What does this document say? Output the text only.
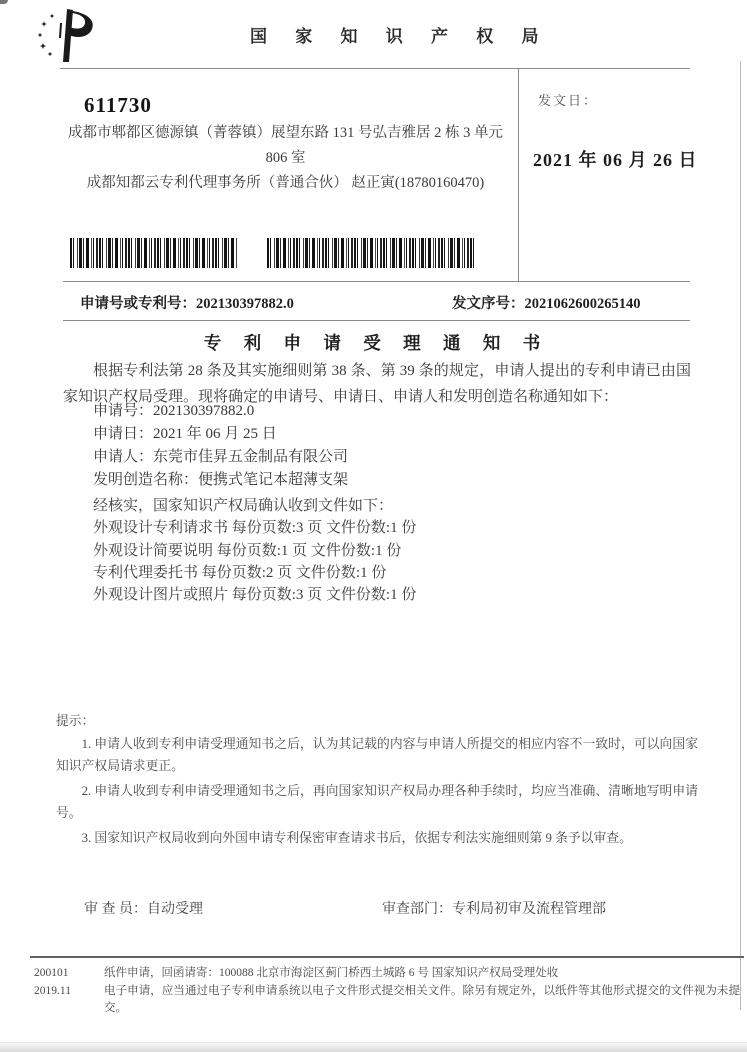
国 家 知 识 产 权 局
发文日：
2021 年 06 月 26 日
611730
成都市郫都区德源镇（菁蓉镇）展望东路 131 号弘吉雅居 2 栋 3 单元
806 室
成都知都云专利代理事务所（普通合伙） 赵正寅(18780160470)
申请号或专利号：202130397882.0	发文序号：2021062600265140
专 利 申 请 受 理 通 知 书
根据专利法第 28 条及其实施细则第 38 条、第 39 条的规定，申请人提出的专利申请已由国家知识产权局受理。现将确定的申请号、申请日、申请人和发明创造名称通知如下：
申请号：202130397882.0
申请日：2021 年 06 月 25 日
申请人：东莞市佳昇五金制品有限公司
发明创造名称：便携式笔记本超薄支架
经核实，国家知识产权局确认收到文件如下：
外观设计专利请求书 每份页数:3 页 文件份数:1 份
外观设计简要说明 每份页数:1 页 文件份数:1 份
专利代理委托书 每份页数:2 页 文件份数:1 份
外观设计图片或照片 每份页数:3 页 文件份数:1 份
提示：

1. 申请人收到专利申请受理通知书之后，认为其记载的内容与申请人所提交的相应内容不一致时，可以向国家知识产权局请求更正。

2. 申请人收到专利申请受理通知书之后，再向国家知识产权局办理各种手续时，均应当准确、清晰地写明申请号。

3. 国家知识产权局收到向外国申请专利保密审查请求书后，依据专利法实施细则第 9 条予以审查。

审 查 员：自动受理	审查部门：专利局初审及流程管理部
200101
2019.11

纸件申请，回函请寄：100088 北京市海淀区蓟门桥西土城路 6 号 国家知识产权局受理处收

电子申请，应当通过电子专利申请系统以电子文件形式提交相关文件。除另有规定外，以纸件等其他形式提交的文件视为未提交。
